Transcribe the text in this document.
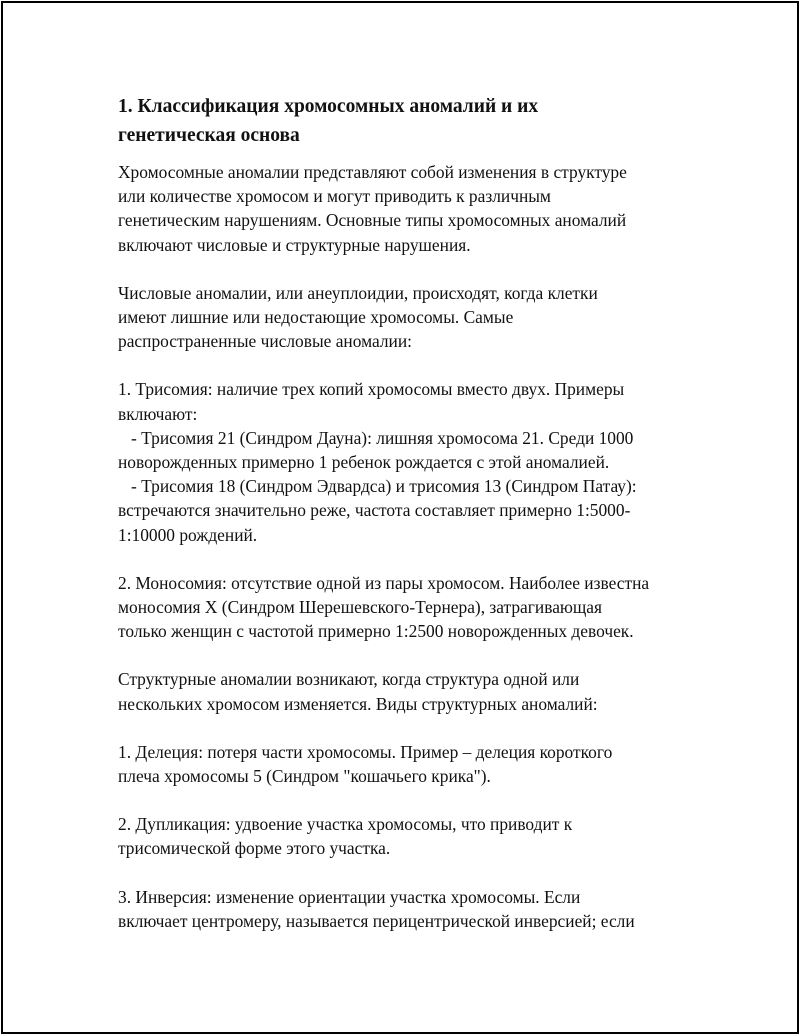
1. Классификация хромосомных аномалий и их
генетическая основа

Хромосомные аномалии представляют собой изменения в структуре
или количестве хромосом и могут приводить к различным
генетическим нарушениям. Основные типы хромосомных аномалий
включают числовые и структурные нарушения.

Числовые аномалии, или анеуплоидии, происходят, когда клетки
имеют лишние или недостающие хромосомы. Самые
распространенные числовые аномалии:

1. Трисомия: наличие трех копий хромосомы вместо двух. Примеры
включают:
- Трисомия 21 (Синдром Дауна): лишняя хромосома 21. Среди 1000
новорожденных примерно 1 ребенок рождается с этой аномалией.
- Трисомия 18 (Синдром Эдвардса) и трисомия 13 (Синдром Патау):
встречаются значительно реже, частота составляет примерно 1:5000-
1:10000 рождений.

2. Моносомия: отсутствие одной из пары хромосом. Наиболее известна
моносомия X (Синдром Шерешевского-Тернера), затрагивающая
только женщин с частотой примерно 1:2500 новорожденных девочек.

Структурные аномалии возникают, когда структура одной или
нескольких хромосом изменяется. Виды структурных аномалий:

1. Делеция: потеря части хромосомы. Пример – делеция короткого
плеча хромосомы 5 (Синдром "кошачьего крика").

2. Дупликация: удвоение участка хромосомы, что приводит к
трисомической форме этого участка.

3. Инверсия: изменение ориентации участка хромосомы. Если
включает центромеру, называется перицентрической инверсией; если
